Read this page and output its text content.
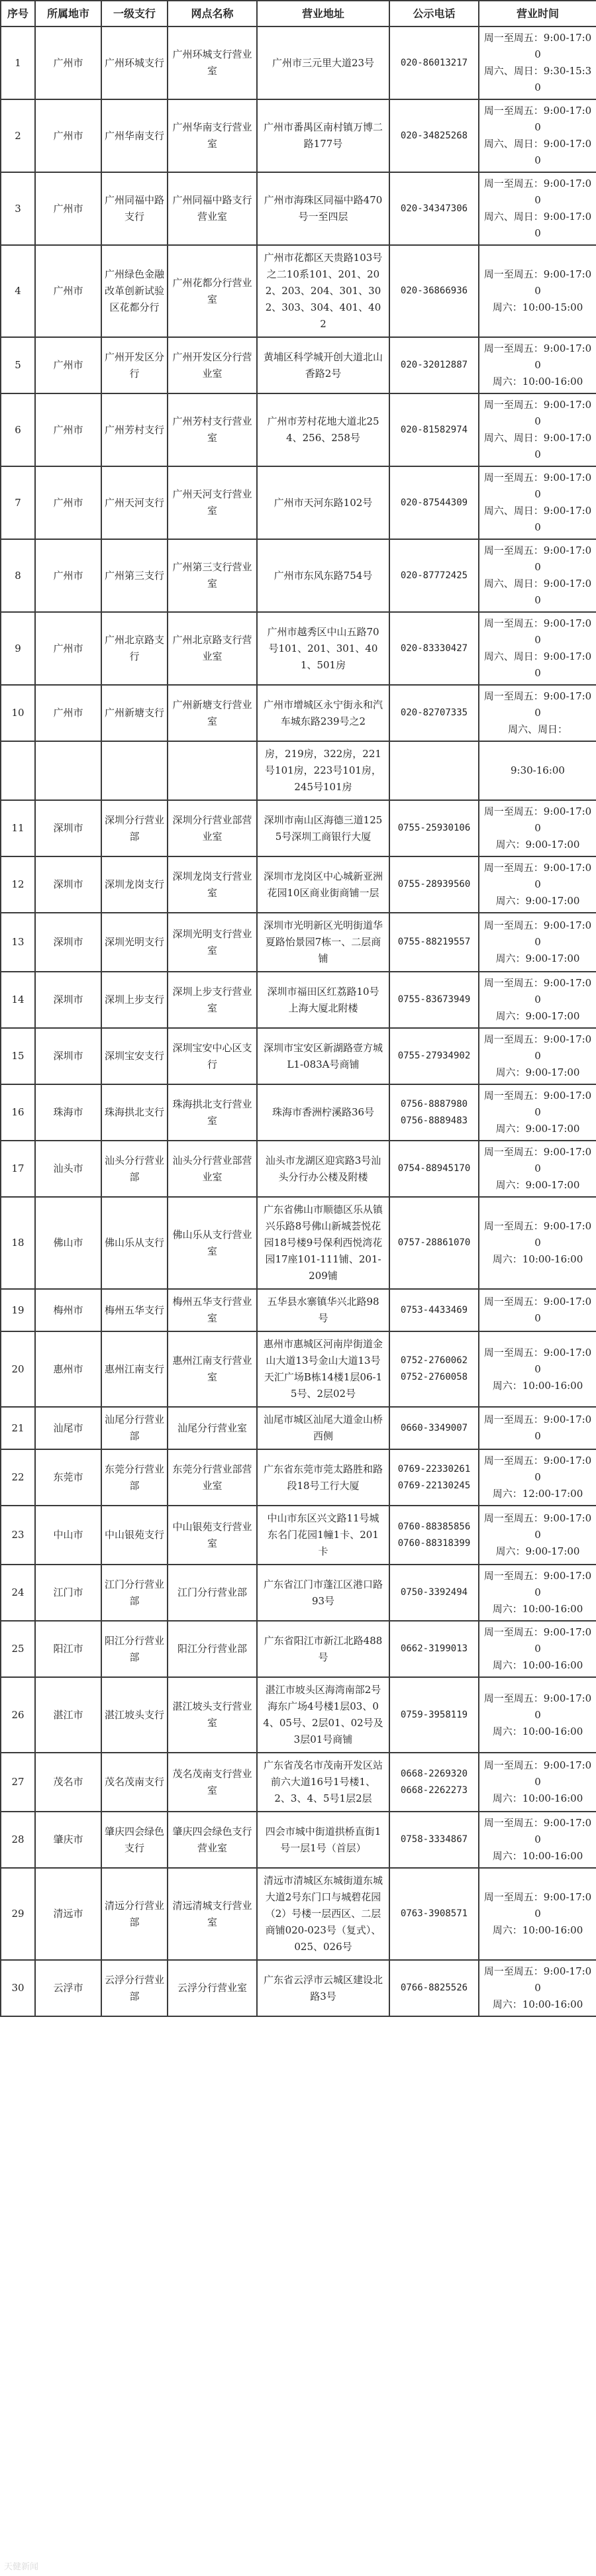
序号	所属地市	一级支行	网点名称	营业地址	公示电话	营业时间
1	广州市	广州环城支行	广州环城支行营业室	广州市三元里大道23号	020-86013217	周一至周五：9:00-17:00
周六、周日：9:30-15:30
2	广州市	广州华南支行	广州华南支行营业室	广州市番禺区南村镇万博二路177号	020-34825268	周一至周五：9:00-17:00
周六、周日：9:00-17:00
3	广州市	广州同福中路支行	广州同福中路支行营业室	广州市海珠区同福中路470号一至四层	020-34347306	周一至周五：9:00-17:00
周六、周日：9:00-17:00
4	广州市	广州绿色金融改革创新试验区花都分行	广州花都分行营业室	广州市花都区天贵路103号之二10系101、201、202、203、204、301、302、303、304、401、402	020-36866936	周一至周五：9:00-17:00
周六：10:00-15:00
5	广州市	广州开发区分行	广州开发区分行营业室	黄埔区科学城开创大道北山香路2号	020-32012887	周一至周五：9:00-17:00
周六：10:00-16:00
6	广州市	广州芳村支行	广州芳村支行营业室	广州市芳村花地大道北254、256、258号	020-81582974	周一至周五：9:00-17:00
周六、周日：9:00-17:00
7	广州市	广州天河支行	广州天河支行营业室	广州市天河东路102号	020-87544309	周一至周五：9:00-17:00
周六、周日：9:00-17:00
8	广州市	广州第三支行	广州第三支行营业室	广州市东风东路754号	020-87772425	周一至周五：9:00-17:00
周六、周日：9:00-17:00
9	广州市	广州北京路支行	广州北京路支行营业室	广州市越秀区中山五路70号101、201、301、401、501房	020-83330427	周一至周五：9:00-17:00
周六、周日：9:00-17:00
10	广州市	广州新塘支行	广州新塘支行营业室	广州市增城区永宁街永和汽车城东路239号之2	020-82707335	周一至周五：9:00-17:00
周六、周日：
				房，219房，322房，221号101房，223号101房，245号101房		9:30-16:00
11	深圳市	深圳分行营业部	深圳分行营业部营业室	深圳市南山区海德三道1255号深圳工商银行大厦	0755-25930106	周一至周五：9:00-17:00
周六：9:00-17:00
12	深圳市	深圳龙岗支行	深圳龙岗支行营业室	深圳市龙岗区中心城新亚洲花园10区商业街商铺一层	0755-28939560	周一至周五：9:00-17:00
周六：9:00-17:00
13	深圳市	深圳光明支行	深圳光明支行营业室	深圳市光明新区光明街道华夏路怡景园7栋一、二层商铺	0755-88219557	周一至周五：9:00-17:00
周六：9:00-17:00
14	深圳市	深圳上步支行	深圳上步支行营业室	深圳市福田区红荔路10号上海大厦北附楼	0755-83673949	周一至周五：9:00-17:00
周六：9:00-17:00
15	深圳市	深圳宝安支行	深圳宝安中心区支行	深圳市宝安区新湖路壹方城L1-083A号商铺	0755-27934902	周一至周五：9:00-17:00
周六：9:00-17:00
16	珠海市	珠海拱北支行	珠海拱北支行营业室	珠海市香洲柠溪路36号	0756-8887980
0756-8889483	周一至周五：9:00-17:00
周六：9:00-17:00
17	汕头市	汕头分行营业部	汕头分行营业部营业室	汕头市龙湖区迎宾路3号汕头分行办公楼及附楼	0754-88945170	周一至周五：9:00-17:00
周六：9:00-17:00
18	佛山市	佛山乐从支行	佛山乐从支行营业室	广东省佛山市顺德区乐从镇兴乐路8号佛山新城荟悦花园18号楼9号保利西悦湾花园17座101-111铺、201-209铺	0757-28861070	周一至周五：9:00-17:00
周六：10:00-16:00
19	梅州市	梅州五华支行	梅州五华支行营业室	五华县水寨镇华兴北路98号	0753-4433469	周一至周五：9:00-17:00
20	惠州市	惠州江南支行	惠州江南支行营业室	惠州市惠城区河南岸街道金山大道13号金山大道13号天汇广场B栋14楼1层06-15号、2层02号	0752-2760062
0752-2760058	周一至周五：9:00-17:00
周六：10:00-16:00
21	汕尾市	汕尾分行营业部	汕尾分行营业室	汕尾市城区汕尾大道金山桥西侧	0660-3349007	周一至周五：9:00-17:00
22	东莞市	东莞分行营业部	东莞分行营业部营业室	广东省东莞市莞太路胜和路段18号工行大厦	0769-22330261
0769-22130245	周一至周五：9:00-17:00
周六：12:00-17:00
23	中山市	中山银苑支行	中山银苑支行营业室	中山市东区兴文路11号城东名门花园1幢1卡、201卡	0760-88385856
0760-88318399	周一至周五：9:00-17:00
周六：9:00-17:00
24	江门市	江门分行营业部	江门分行营业部	广东省江门市蓬江区港口路93号	0750-3392494	周一至周五：9:00-17:00
周六：10:00-16:00
25	阳江市	阳江分行营业部	阳江分行营业部	广东省阳江市新江北路488号	0662-3199013	周一至周五：9:00-17:00
周六：10:00-16:00
26	湛江市	湛江坡头支行	湛江坡头支行营业室	湛江市坡头区海湾南部2号海东广场4号楼1层03、04、05号、2层01、02号及3层01号商铺	0759-3958119	周一至周五：9:00-17:00
周六：10:00-16:00
27	茂名市	茂名茂南支行	茂名茂南支行营业室	广东省茂名市茂南开发区站前六大道16号1号楼1、2、3、4、5号1层2层	0668-2269320
0668-2262273	周一至周五：9:00-17:00
周六：10:00-16:00
28	肇庆市	肇庆四会绿色支行	肇庆四会绿色支行营业室	四会市城中街道拱桥直街1号一层1号（首层）	0758-3334867	周一至周五：9:00-17:00
周六：10:00-16:00
29	清远市	清远分行营业部	清远清城支行营业室	清远市清城区东城街道东城大道2号东门口与城碧花园（2）号楼一层西区、二层商铺020-023号（复式）、025、026号	0763-3908571	周一至周五：9:00-17:00
周六：10:00-16:00
30	云浮市	云浮分行营业部	云浮分行营业室	广东省云浮市云城区建设北路3号	0766-8825526	周一至周五：9:00-17:00
周六：10:00-16:00
天健新闻
